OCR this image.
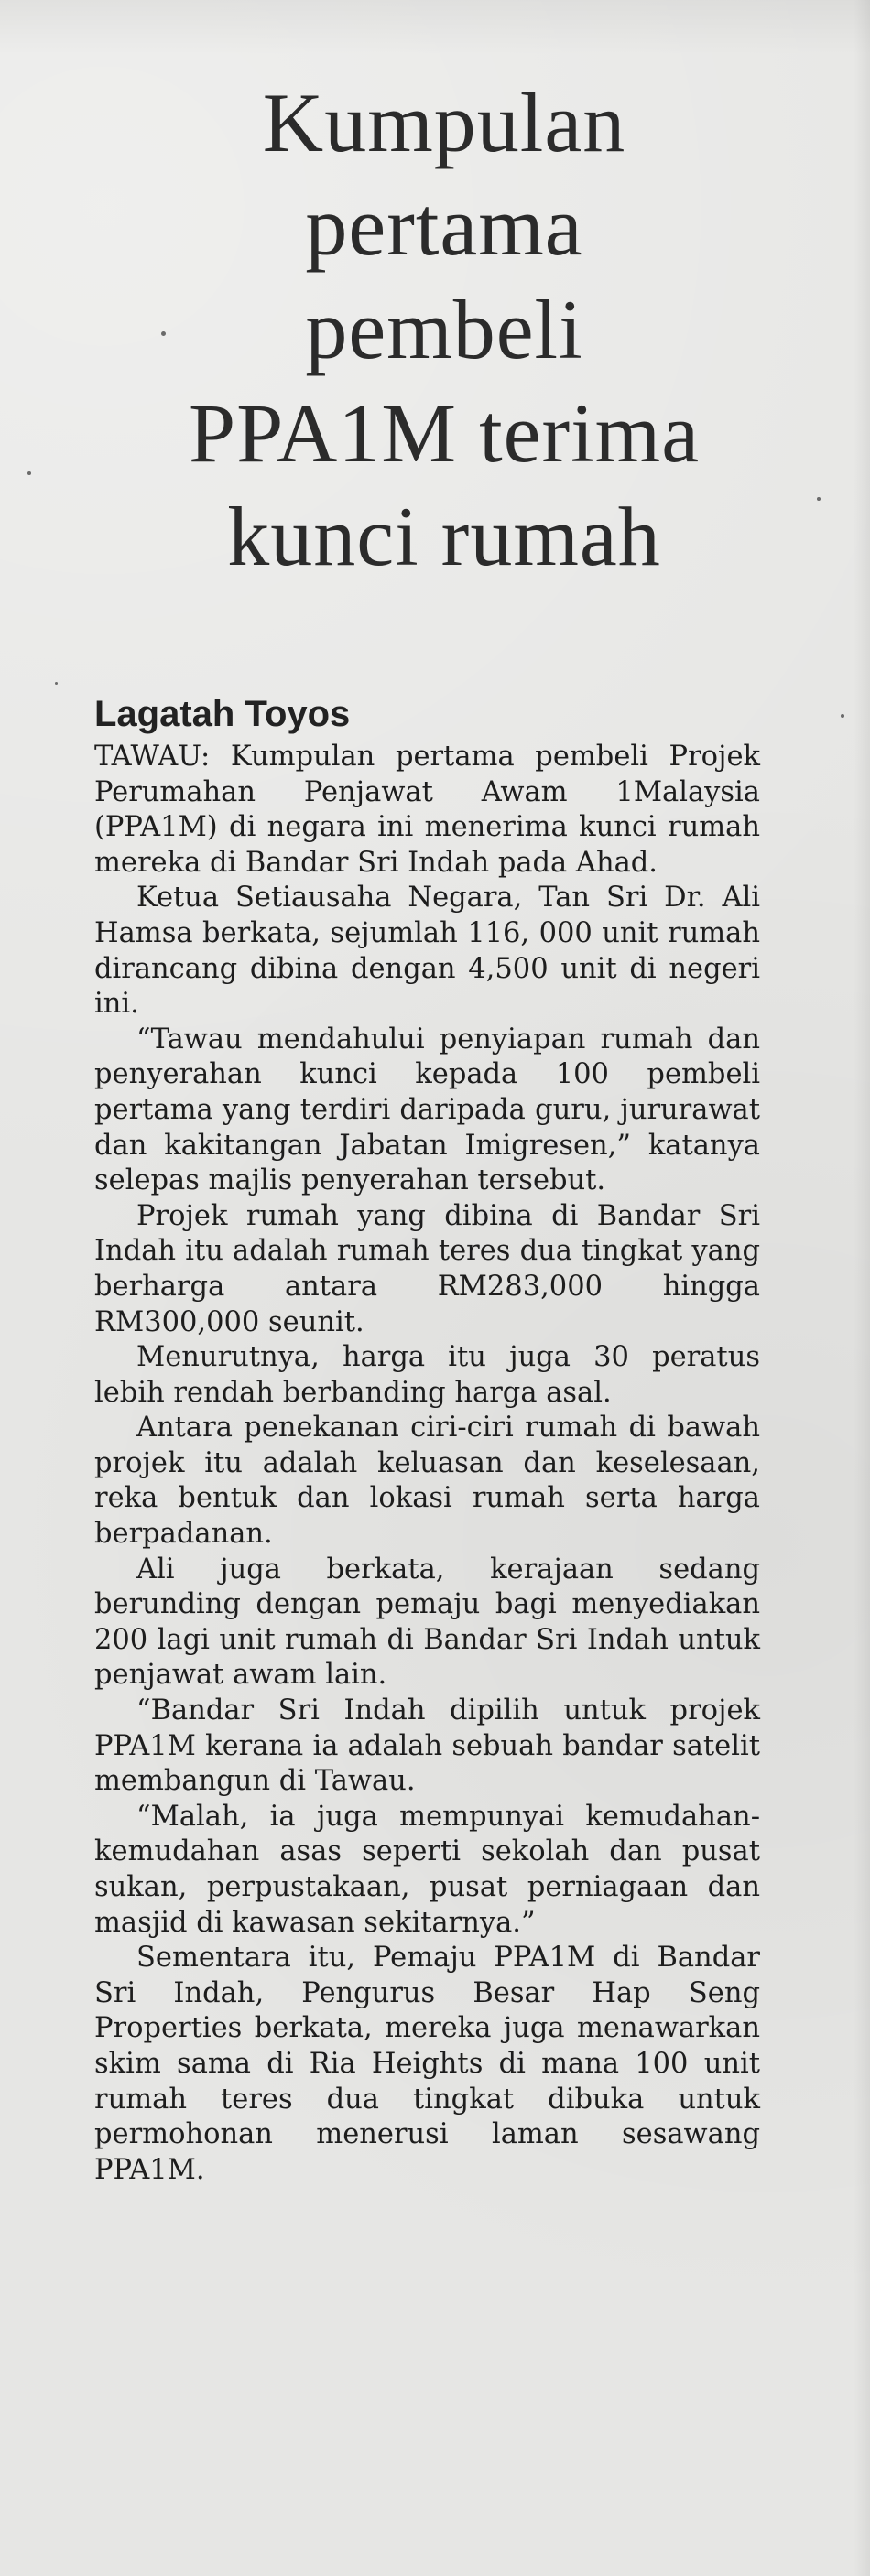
Kumpulan
pertama
pembeli
PPA1M terima
kunci rumah
Lagatah Toyos

TAWAU: Kumpulan pertama pembeli Projek Perumahan Penjawat Awam 1Malaysia (PPA1M) di negara ini menerima kunci rumah mereka di Bandar Sri Indah pada Ahad.

Ketua Setiausaha Negara, Tan Sri Dr. Ali Hamsa berkata, sejumlah 116, 000 unit rumah dirancang dibina dengan 4,500 unit di negeri ini.

“Tawau mendahului penyiapan rumah dan penyerahan kunci kepada 100 pembeli pertama yang terdiri daripada guru, jururawat dan kakitangan Jabatan Imigresen,” katanya selepas majlis penyerahan tersebut.

Projek rumah yang dibina di Bandar Sri Indah itu adalah rumah teres dua tingkat yang berharga antara RM283,000 hingga RM300,000 seunit.

Menurutnya, harga itu juga 30 peratus lebih rendah berbanding harga asal.

Antara penekanan ciri-ciri rumah di bawah projek itu adalah keluasan dan keselesaan, reka bentuk dan lokasi rumah serta harga berpadanan.

Ali juga berkata, kerajaan sedang berunding dengan pemaju bagi menyediakan 200 lagi unit rumah di Bandar Sri Indah untuk penjawat awam lain.

“Bandar Sri Indah dipilih untuk projek PPA1M kerana ia adalah sebuah bandar satelit membangun di Tawau.

“Malah, ia juga mempunyai kemudahan-kemudahan asas seperti sekolah dan pusat sukan, perpustakaan, pusat perniagaan dan masjid di kawasan sekitarnya.”

Sementara itu, Pemaju PPA1M di Bandar Sri Indah, Pengurus Besar Hap Seng Properties berkata, mereka juga menawarkan skim sama di Ria Heights di mana 100 unit rumah teres dua tingkat dibuka untuk permohonan menerusi laman sesawang PPA1M.
